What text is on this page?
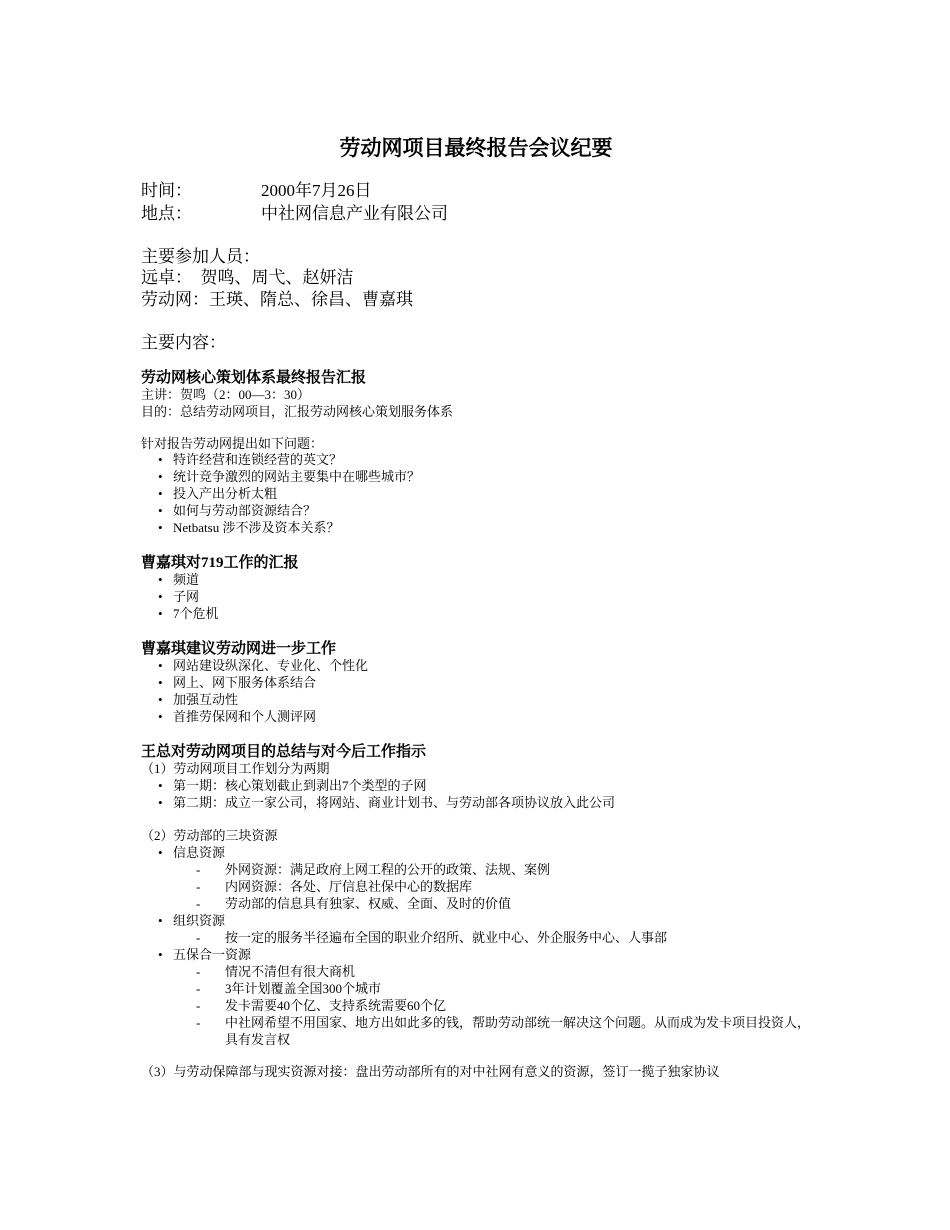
劳动网项目最终报告会议纪要
时间：	2000年7月26日
地点：	中社网信息产业有限公司
主要参加人员：
远卓： 贺鸣、周弋、赵妍洁
劳动网：王瑛、隋总、徐昌、曹嘉琪
主要内容：
劳动网核心策划体系最终报告汇报
主讲：贺鸣（2：00—3：30）
目的：总结劳动网项目，汇报劳动网核心策划服务体系
针对报告劳动网提出如下问题：
• 特许经营和连锁经营的英文？
• 统计竞争激烈的网站主要集中在哪些城市？
• 投入产出分析太粗
• 如何与劳动部资源结合？
• Netbatsu 涉不涉及资本关系？
曹嘉琪对719工作的汇报
• 频道
• 子网
• 7个危机
曹嘉琪建议劳动网进一步工作
• 网站建设纵深化、专业化、个性化
• 网上、网下服务体系结合
• 加强互动性
• 首推劳保网和个人测评网
王总对劳动网项目的总结与对今后工作指示
（1）劳动网项目工作划分为两期
• 第一期：核心策划截止到剥出7个类型的子网
• 第二期：成立一家公司，将网站、商业计划书、与劳动部各项协议放入此公司
（2）劳动部的三块资源
• 信息资源
- 外网资源：满足政府上网工程的公开的政策、法规、案例
- 内网资源：各处、厅信息社保中心的数据库
- 劳动部的信息具有独家、权威、全面、及时的价值
• 组织资源
- 按一定的服务半径遍布全国的职业介绍所、就业中心、外企服务中心、人事部
• 五保合一资源
- 情况不清但有很大商机
- 3年计划覆盖全国300个城市
- 发卡需要40个亿、支持系统需要60个亿
- 中社网希望不用国家、地方出如此多的钱，帮助劳动部统一解决这个问题。从而成为发卡项目投资人，具有发言权
（3）与劳动保障部与现实资源对接：盘出劳动部所有的对中社网有意义的资源，签订一揽子独家协议
